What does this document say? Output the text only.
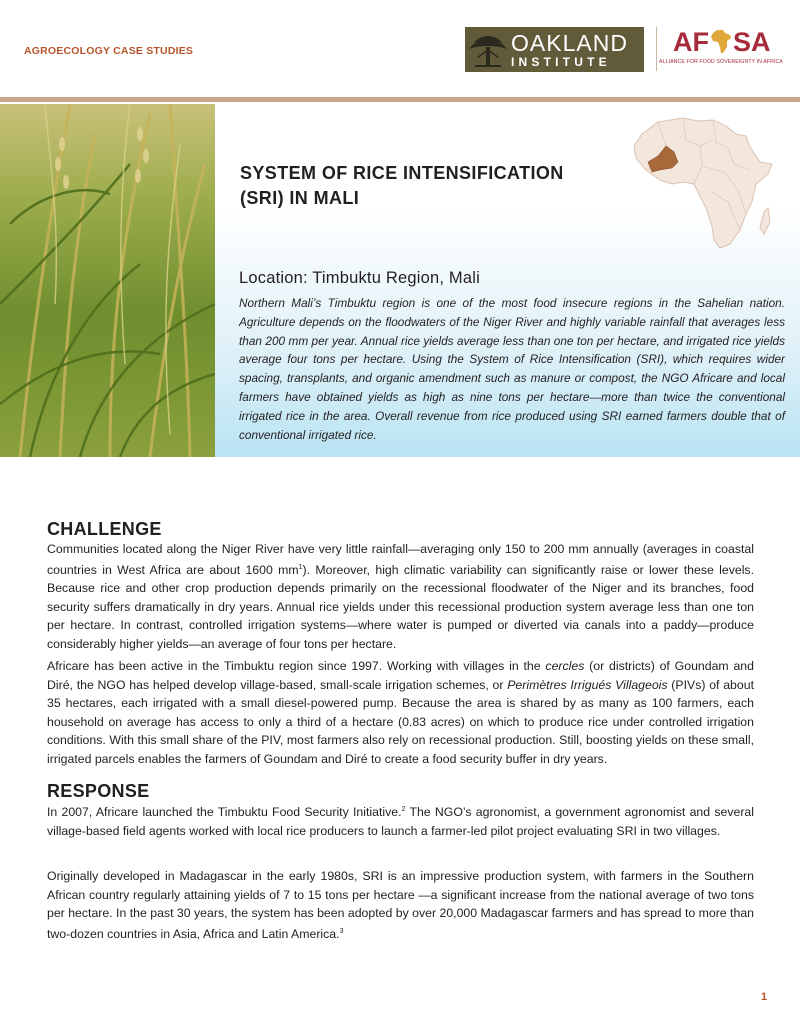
AGROECOLOGY CASE STUDIES	OAKLAND
INSTITUTE
AF SA
ALLIANCE FOR FOOD SOVEREIGNTY IN AFRICA
SYSTEM OF RICE INTENSIFICATION
(SRI) IN MALI
Location: Timbuktu Region, Mali
Northern Mali’s Timbuktu region is one of the most food insecure regions in the Sahelian nation. Agriculture depends on the floodwaters of the Niger River and highly variable rainfall that averages less than 200 mm per year. Annual rice yields average less than one ton per hectare, and irrigated rice yields average four tons per hectare. Using the System of Rice Intensification (SRI), which requires wider spacing, transplants, and organic amendment such as manure or compost, the NGO Africare and local farmers have obtained yields as high as nine tons per hectare—more than twice the conventional irrigated rice in the area. Overall revenue from rice produced using SRI earned farmers double that of conventional irrigated rice.
CHALLENGE
Communities located along the Niger River have very little rainfall—averaging only 150 to 200 mm annually (averages in coastal countries in West Africa are about 1600 $mm^1$). Moreover, high climatic variability can significantly raise or lower these levels. Because rice and other crop production depends primarily on the recessional floodwater of the Niger and its branches, food security suffers dramatically in dry years. Annual rice yields under this recessional production system average less than one ton per hectare. In contrast, controlled irrigation systems—where water is pumped or diverted via canals into a paddy—produce considerably higher yields—an average of four tons per hectare.
Africare has been active in the Timbuktu region since 1997. Working with villages in the cercles (or districts) of Goundam and Diré, the NGO has helped develop village-based, small-scale irrigation schemes, or Perimètres Irrigués Villageois (PIVs) of about 35 hectares, each irrigated with a small diesel-powered pump. Because the area is shared by as many as 100 farmers, each household on average has access to only a third of a hectare (0.83 acres) on which to produce rice under controlled irrigation conditions. With this small share of the PIV, most farmers also rely on recessional production. Still, boosting yields on these small, irrigated parcels enables the farmers of Goundam and Diré to create a food security buffer in dry years.
RESPONSE
In 2007, Africare launched the Timbuktu Food Security Initiative.$^2$ The NGO’s agronomist, a government agronomist and several village-based field agents worked with local rice producers to launch a farmer-led pilot project evaluating SRI in two villages.
Originally developed in Madagascar in the early 1980s, SRI is an impressive production system, with farmers in the Southern African country regularly attaining yields of 7 to 15 tons per hectare —a significant increase from the national average of two tons per hectare. In the past 30 years, the system has been adopted by over 20,000 Madagascar farmers and has spread to more than two-dozen countries in Asia, Africa and Latin America.$^3$
1
